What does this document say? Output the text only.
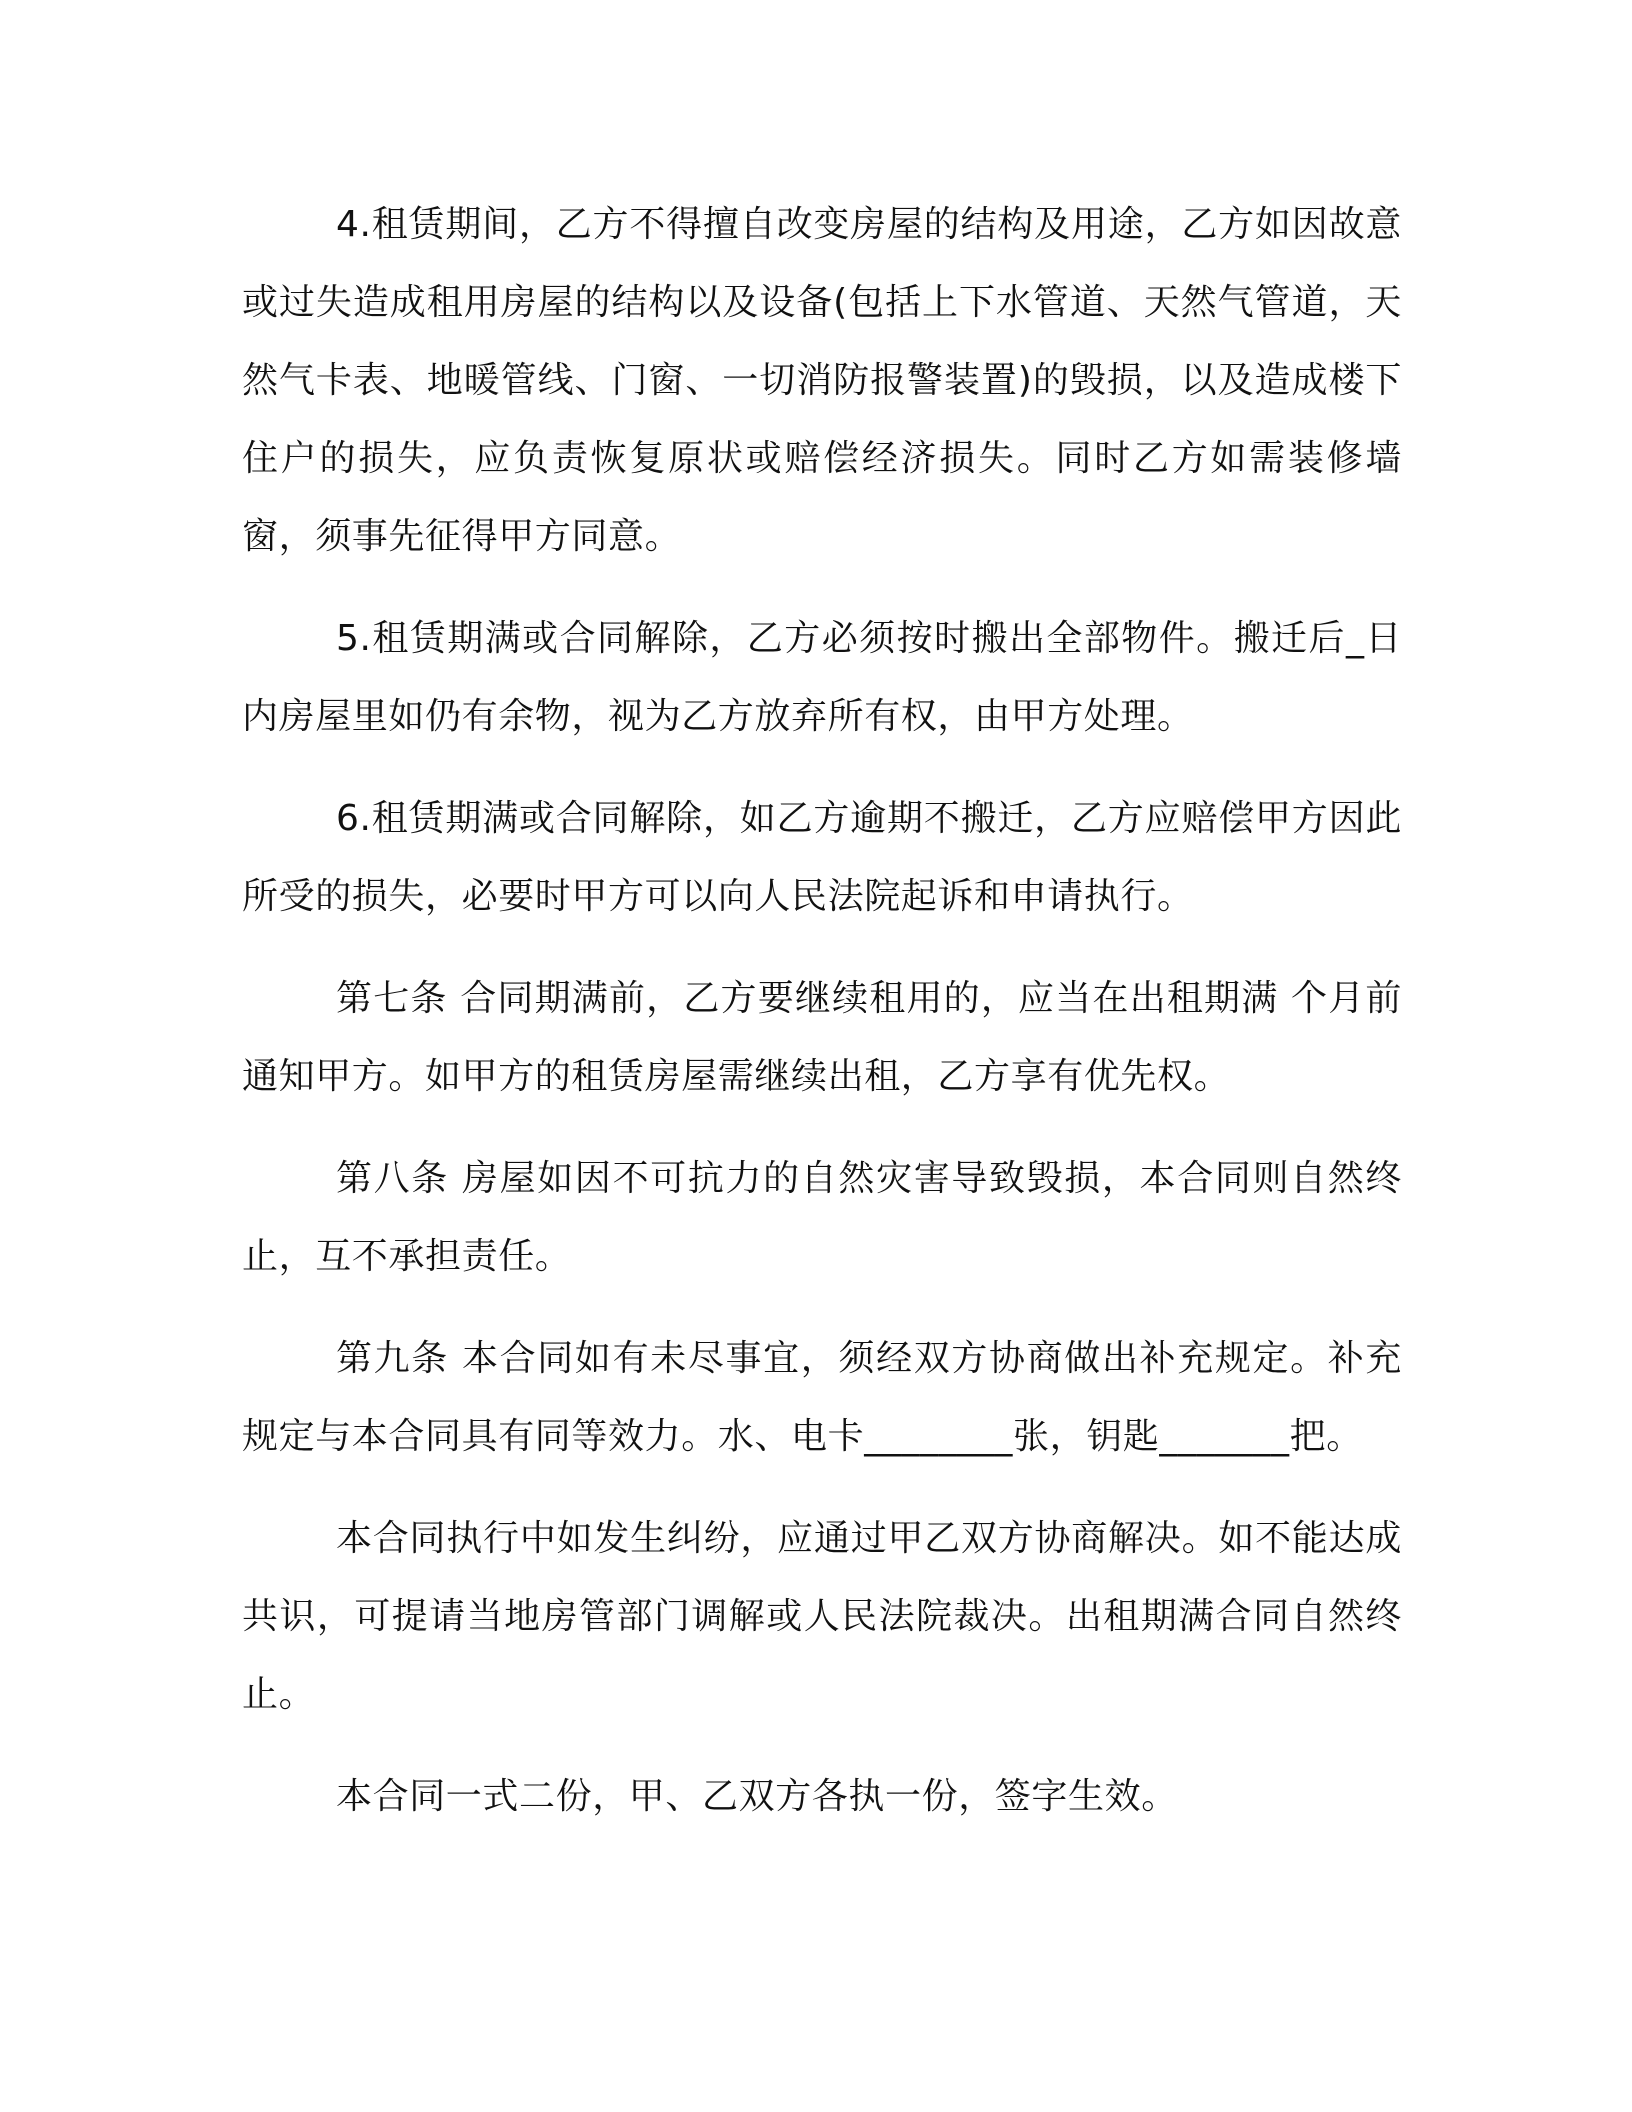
4.租赁期间，乙方不得擅自改变房屋的结构及用途，乙方如因故意或过失造成租用房屋的结构以及设备(包括上下水管道、天然气管道，天然气卡表、地暖管线、门窗、一切消防报警装置)的毁损，以及造成楼下住户的损失，应负责恢复原状或赔偿经济损失。同时乙方如需装修墙窗，须事先征得甲方同意。

5.租赁期满或合同解除，乙方必须按时搬出全部物件。搬迁后_日内房屋里如仍有余物，视为乙方放弃所有权，由甲方处理。

6.租赁期满或合同解除，如乙方逾期不搬迁，乙方应赔偿甲方因此所受的损失，必要时甲方可以向人民法院起诉和申请执行。

第七条 合同期满前，乙方要继续租用的，应当在出租期满 个月前通知甲方。如甲方的租赁房屋需继续出租，乙方享有优先权。

第八条 房屋如因不可抗力的自然灾害导致毁损，本合同则自然终止，互不承担责任。

第九条 本合同如有未尽事宜，须经双方协商做出补充规定。补充规定与本合同具有同等效力。水、电卡________张，钥匙_______把。

本合同执行中如发生纠纷，应通过甲乙双方协商解决。如不能达成共识，可提请当地房管部门调解或人民法院裁决。出租期满合同自然终止。

本合同一式二份，甲、乙双方各执一份，签字生效。
